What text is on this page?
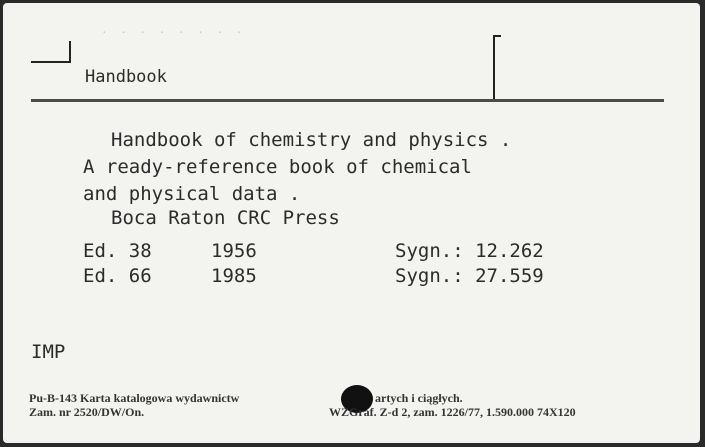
· · · · · · · ·
Handbook
Handbook of chemistry and physics .
A ready-reference book of chemical
and physical data .
Boca Raton CRC Press
Ed. 38	1956	Sygn.: 12.262
Ed. 66	1985	Sygn.: 27.559
IMP
Pu-B-143 Karta katalogowa wydawnictw	artych i ciągłych.
Zam. nr 2520/DW/On.	WZGraf. Z-d 2, zam. 1226/77, 1.590.000 74X120
